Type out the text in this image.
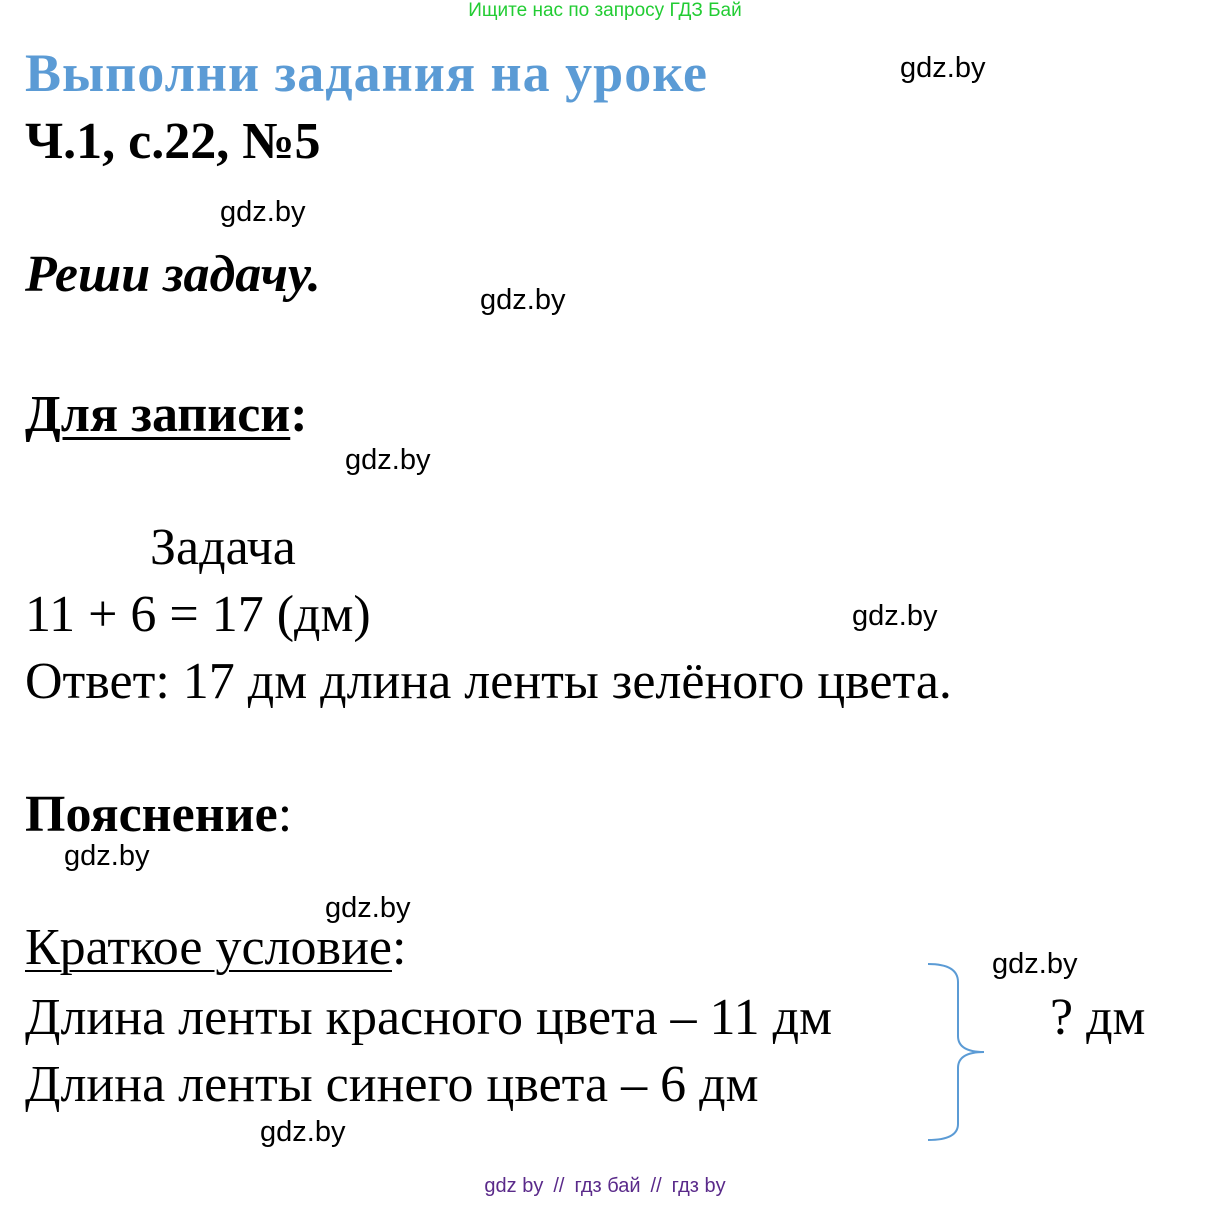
Ищите нас по запросу ГДЗ Бай
Выполни задания на уроке
Ч.1, с.22, №5
Реши задачу.
Для записи:
Задача
11 + 6 = 17 (дм)
Ответ: 17 дм длина ленты зелёного цвета.
Пояснение:
Краткое условие:
Длина ленты красного цвета – 11 дм
Длина ленты синего цвета – 6 дм
? дм
gdz.by
gdz.by
gdz.by
gdz.by
gdz.by
gdz.by
gdz.by
gdz.by
gdz.by
gdz by // гдз бай // гдз by
